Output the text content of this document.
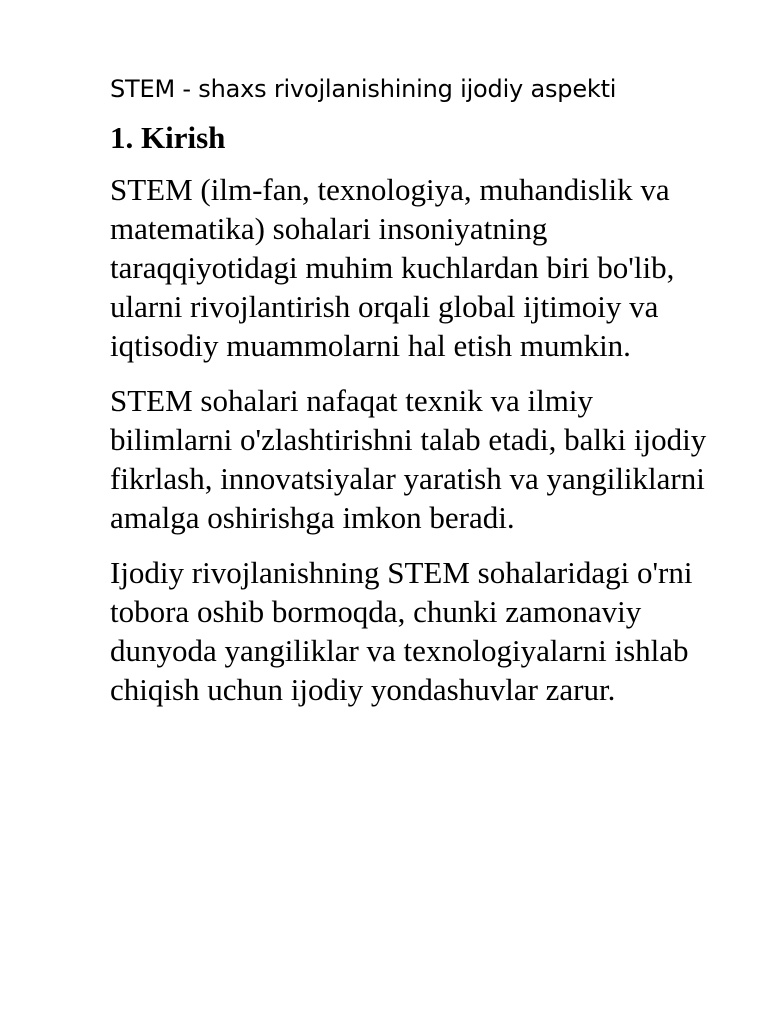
STEM - shaxs rivojlanishining ijodiy aspekti

1. Kirish

STEM (ilm-fan, texnologiya, muhandislik va matematika) sohalari insoniyatning taraqqiyotidagi muhim kuchlardan biri bo'lib, ularni rivojlantirish orqali global ijtimoiy va iqtisodiy muammolarni hal etish mumkin.

STEM sohalari nafaqat texnik va ilmiy bilimlarni o'zlashtirishni talab etadi, balki ijodiy fikrlash, innovatsiyalar yaratish va yangiliklarni amalga oshirishga imkon beradi.

Ijodiy rivojlanishning STEM sohalaridagi o'rni tobora oshib bormoqda, chunki zamonaviy dunyoda yangiliklar va texnologiyalarni ishlab chiqish uchun ijodiy yondashuvlar zarur.
